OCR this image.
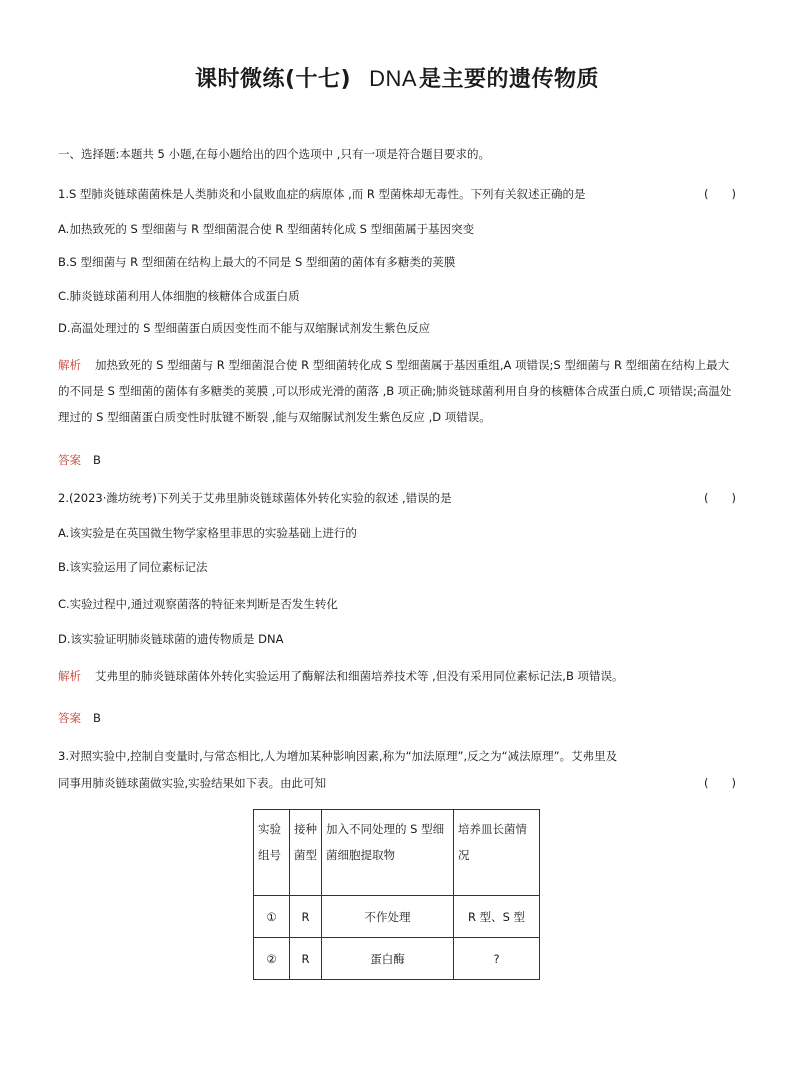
课时微练(十七) DNA是主要的遗传物质
一、选择题:本题共 5 小题,在每小题给出的四个选项中 ,只有一项是符合题目要求的。
1.S 型肺炎链球菌菌株是人类肺炎和小鼠败血症的病原体 ,而 R 型菌株却无毒性。下列有关叙述正确的是	(　　)
A.加热致死的 S 型细菌与 R 型细菌混合使 R 型细菌转化成 S 型细菌属于基因突变
B.S 型细菌与 R 型细菌在结构上最大的不同是 S 型细菌的菌体有多糖类的荚膜
C.肺炎链球菌利用人体细胞的核糖体合成蛋白质
D.高温处理过的 S 型细菌蛋白质因变性而不能与双缩脲试剂发生紫色反应
解析 加热致死的 S 型细菌与 R 型细菌混合使 R 型细菌转化成 S 型细菌属于基因重组,A 项错误;S 型细菌与 R 型细菌在结构上最大的不同是 S 型细菌的菌体有多糖类的荚膜 ,可以形成光滑的菌落 ,B 项正确;肺炎链球菌利用自身的核糖体合成蛋白质,C 项错误;高温处理过的 S 型细菌蛋白质变性时肽键不断裂 ,能与双缩脲试剂发生紫色反应 ,D 项错误。
答案 B
2.(2023·潍坊统考)下列关于艾弗里肺炎链球菌体外转化实验的叙述 ,错误的是	(　　)
A.该实验是在英国微生物学家格里菲思的实验基础上进行的
B.该实验运用了同位素标记法
C.实验过程中,通过观察菌落的特征来判断是否发生转化
D.该实验证明肺炎链球菌的遗传物质是 DNA
解析 艾弗里的肺炎链球菌体外转化实验运用了酶解法和细菌培养技术等 ,但没有采用同位素标记法,B 项错误。
答案 B
3.对照实验中,控制自变量时,与常态相比,人为增加某种影响因素,称为“加法原理”,反之为“减法原理”。艾弗里及
同事用肺炎链球菌做实验,实验结果如下表。由此可知	(　　)
实验组号	接种菌型	加入不同处理的 S 型细菌细胞提取物	培养皿长菌情况
①	R	不作处理	R 型、S 型
②	R	蛋白酶	?
